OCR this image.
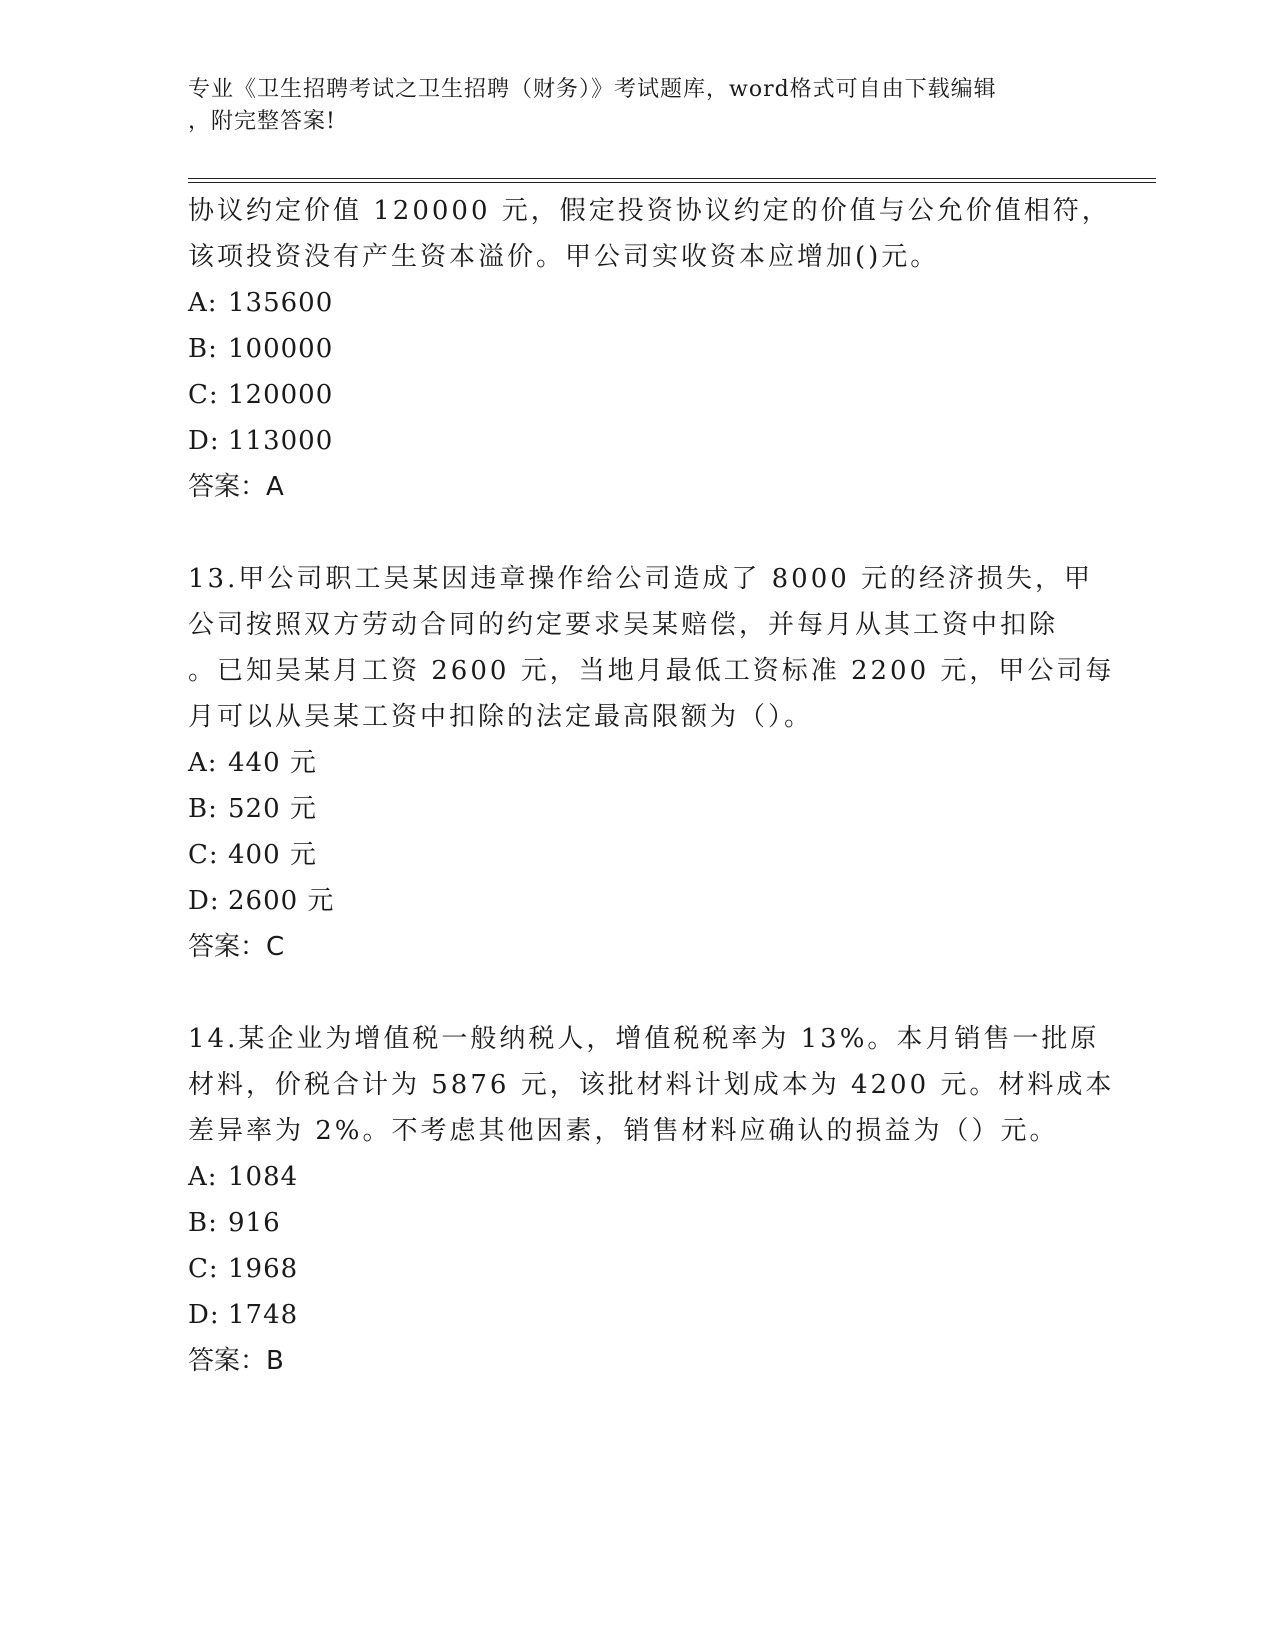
专业《卫生招聘考试之卫生招聘（财务）》考试题库，word格式可自由下载编辑
，附完整答案!
协议约定价值 120000 元，假定投资协议约定的价值与公允价值相符，
该项投资没有产生资本溢价。甲公司实收资本应增加()元。
A: 135600
B: 100000
C: 120000
D: 113000
答案：A
13.甲公司职工吴某因违章操作给公司造成了 8000 元的经济损失，甲
公司按照双方劳动合同的约定要求吴某赔偿，并每月从其工资中扣除
。已知吴某月工资 2600 元，当地月最低工资标准 2200 元，甲公司每
月可以从吴某工资中扣除的法定最高限额为（）。
A: 440 元
B: 520 元
C: 400 元
D: 2600 元
答案：C
14.某企业为增值税一般纳税人，增值税税率为 13%。本月销售一批原
材料，价税合计为 5876 元，该批材料计划成本为 4200 元。材料成本
差异率为 2%。不考虑其他因素，销售材料应确认的损益为（）元。
A: 1084
B: 916
C: 1968
D: 1748
答案：B
